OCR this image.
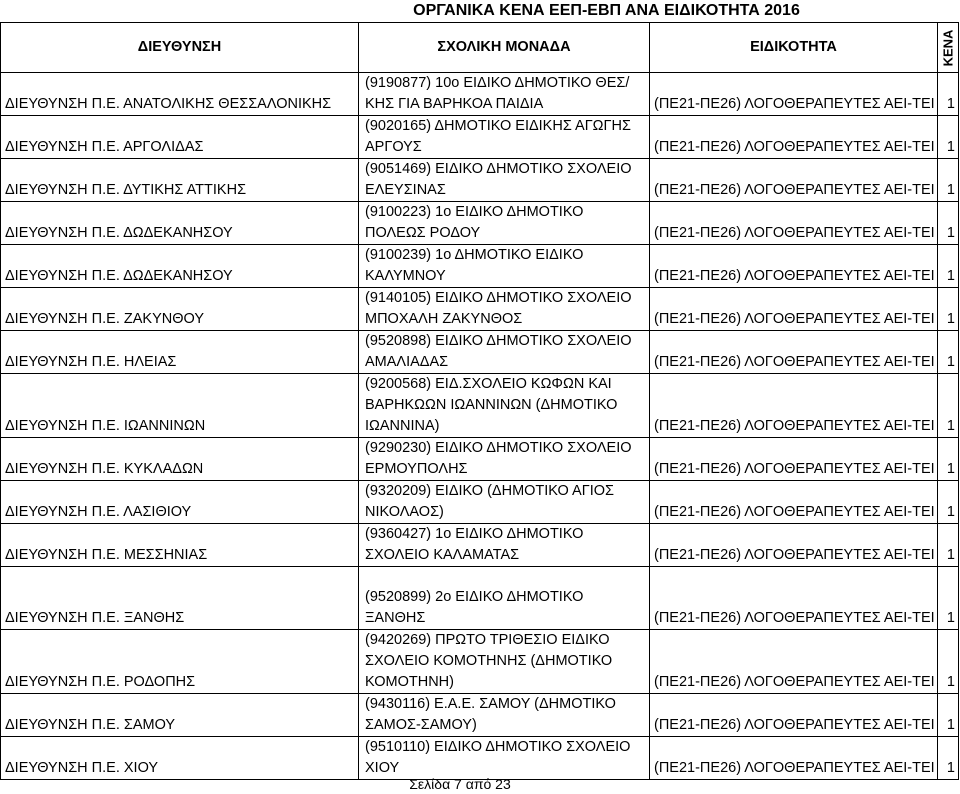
ΟΡΓΑΝΙΚΑ ΚΕΝΑ ΕΕΠ-ΕΒΠ ΑΝΑ ΕΙΔΙΚΟΤΗΤΑ 2016
ΔΙΕΥΘΥΝΣΗ	ΣΧΟΛΙΚΗ ΜΟΝΑΔΑ	ΕΙΔΙΚΟΤΗΤΑ	ΚΕΝΑ

ΔΙΕΥΘΥΝΣΗ Π.Ε. ΑΝΑΤΟΛΙΚΗΣ ΘΕΣΣΑΛΟΝΙΚΗΣ	(9190877) 10ο ΕΙΔΙΚΟ ΔΗΜΟΤΙΚΟ ΘΕΣ/ΚΗΣ ΓΙΑ ΒΑΡΗΚΟΑ ΠΑΙΔΙΑ	(ΠΕ21-ΠΕ26) ΛΟΓΟΘΕΡΑΠΕΥΤΕΣ ΑΕΙ-ΤΕΙ	1
ΔΙΕΥΘΥΝΣΗ Π.Ε. ΑΡΓΟΛΙΔΑΣ	(9020165) ΔΗΜΟΤΙΚΟ ΕΙΔΙΚΗΣ ΑΓΩΓΗΣ ΑΡΓΟΥΣ	(ΠΕ21-ΠΕ26) ΛΟΓΟΘΕΡΑΠΕΥΤΕΣ ΑΕΙ-ΤΕΙ	1
ΔΙΕΥΘΥΝΣΗ Π.Ε. ΔΥΤΙΚΗΣ ΑΤΤΙΚΗΣ	(9051469) ΕΙΔΙΚΟ ΔΗΜΟΤΙΚΟ ΣΧΟΛΕΙΟ ΕΛΕΥΣΙΝΑΣ	(ΠΕ21-ΠΕ26) ΛΟΓΟΘΕΡΑΠΕΥΤΕΣ ΑΕΙ-ΤΕΙ	1
ΔΙΕΥΘΥΝΣΗ Π.Ε. ΔΩΔΕΚΑΝΗΣΟΥ	(9100223) 1ο ΕΙΔΙΚΟ ΔΗΜΟΤΙΚΟ ΠΟΛΕΩΣ ΡΟΔΟΥ	(ΠΕ21-ΠΕ26) ΛΟΓΟΘΕΡΑΠΕΥΤΕΣ ΑΕΙ-ΤΕΙ	1
ΔΙΕΥΘΥΝΣΗ Π.Ε. ΔΩΔΕΚΑΝΗΣΟΥ	(9100239) 1ο ΔΗΜΟΤΙΚΟ ΕΙΔΙΚΟ ΚΑΛΥΜΝΟΥ	(ΠΕ21-ΠΕ26) ΛΟΓΟΘΕΡΑΠΕΥΤΕΣ ΑΕΙ-ΤΕΙ	1
ΔΙΕΥΘΥΝΣΗ Π.Ε. ΖΑΚΥΝΘΟΥ	(9140105) ΕΙΔΙΚΟ ΔΗΜΟΤΙΚΟ ΣΧΟΛΕΙΟ ΜΠΟΧΑΛΗ ΖΑΚΥΝΘΟΣ	(ΠΕ21-ΠΕ26) ΛΟΓΟΘΕΡΑΠΕΥΤΕΣ ΑΕΙ-ΤΕΙ	1
ΔΙΕΥΘΥΝΣΗ Π.Ε. ΗΛΕΙΑΣ	(9520898) ΕΙΔΙΚΟ ΔΗΜΟΤΙΚΟ ΣΧΟΛΕΙΟ ΑΜΑΛΙΑΔΑΣ	(ΠΕ21-ΠΕ26) ΛΟΓΟΘΕΡΑΠΕΥΤΕΣ ΑΕΙ-ΤΕΙ	1
ΔΙΕΥΘΥΝΣΗ Π.Ε. ΙΩΑΝΝΙΝΩΝ	(9200568) ΕΙΔ.ΣΧΟΛΕΙΟ ΚΩΦΩΝ ΚΑΙ ΒΑΡΗΚΩΩΝ ΙΩΑΝΝΙΝΩΝ (ΔΗΜΟΤΙΚΟ ΙΩΑΝΝΙΝΑ)	(ΠΕ21-ΠΕ26) ΛΟΓΟΘΕΡΑΠΕΥΤΕΣ ΑΕΙ-ΤΕΙ	1
ΔΙΕΥΘΥΝΣΗ Π.Ε. ΚΥΚΛΑΔΩΝ	(9290230) ΕΙΔΙΚΟ ΔΗΜΟΤΙΚΟ ΣΧΟΛΕΙΟ ΕΡΜΟΥΠΟΛΗΣ	(ΠΕ21-ΠΕ26) ΛΟΓΟΘΕΡΑΠΕΥΤΕΣ ΑΕΙ-ΤΕΙ	1
ΔΙΕΥΘΥΝΣΗ Π.Ε. ΛΑΣΙΘΙΟΥ	(9320209) ΕΙΔΙΚΟ (ΔΗΜΟΤΙΚΟ ΑΓΙΟΣ ΝΙΚΟΛΑΟΣ)	(ΠΕ21-ΠΕ26) ΛΟΓΟΘΕΡΑΠΕΥΤΕΣ ΑΕΙ-ΤΕΙ	1
ΔΙΕΥΘΥΝΣΗ Π.Ε. ΜΕΣΣΗΝΙΑΣ	(9360427) 1ο ΕΙΔΙΚΟ ΔΗΜΟΤΙΚΟ ΣΧΟΛΕΙΟ ΚΑΛΑΜΑΤΑΣ	(ΠΕ21-ΠΕ26) ΛΟΓΟΘΕΡΑΠΕΥΤΕΣ ΑΕΙ-ΤΕΙ	1

ΔΙΕΥΘΥΝΣΗ Π.Ε. ΞΑΝΘΗΣ	(9520899) 2ο ΕΙΔΙΚΟ ΔΗΜΟΤΙΚΟ ΞΑΝΘΗΣ	(ΠΕ21-ΠΕ26) ΛΟΓΟΘΕΡΑΠΕΥΤΕΣ ΑΕΙ-ΤΕΙ	1
ΔΙΕΥΘΥΝΣΗ Π.Ε. ΡΟΔΟΠΗΣ	(9420269) ΠΡΩΤΟ ΤΡΙΘΕΣΙΟ ΕΙΔΙΚΟ ΣΧΟΛΕΙΟ ΚΟΜΟΤΗΝΗΣ (ΔΗΜΟΤΙΚΟ ΚΟΜΟΤΗΝΗ)	(ΠΕ21-ΠΕ26) ΛΟΓΟΘΕΡΑΠΕΥΤΕΣ ΑΕΙ-ΤΕΙ	1
ΔΙΕΥΘΥΝΣΗ Π.Ε. ΣΑΜΟΥ	(9430116) Ε.Α.Ε. ΣΑΜΟΥ (ΔΗΜΟΤΙΚΟ ΣΑΜΟΣ-ΣΑΜΟΥ)	(ΠΕ21-ΠΕ26) ΛΟΓΟΘΕΡΑΠΕΥΤΕΣ ΑΕΙ-ΤΕΙ	1
ΔΙΕΥΘΥΝΣΗ Π.Ε. ΧΙΟΥ	(9510110) ΕΙΔΙΚΟ ΔΗΜΟΤΙΚΟ ΣΧΟΛΕΙΟ ΧΙΟΥ	(ΠΕ21-ΠΕ26) ΛΟΓΟΘΕΡΑΠΕΥΤΕΣ ΑΕΙ-ΤΕΙ	1
Σελίδα 7 από 23
